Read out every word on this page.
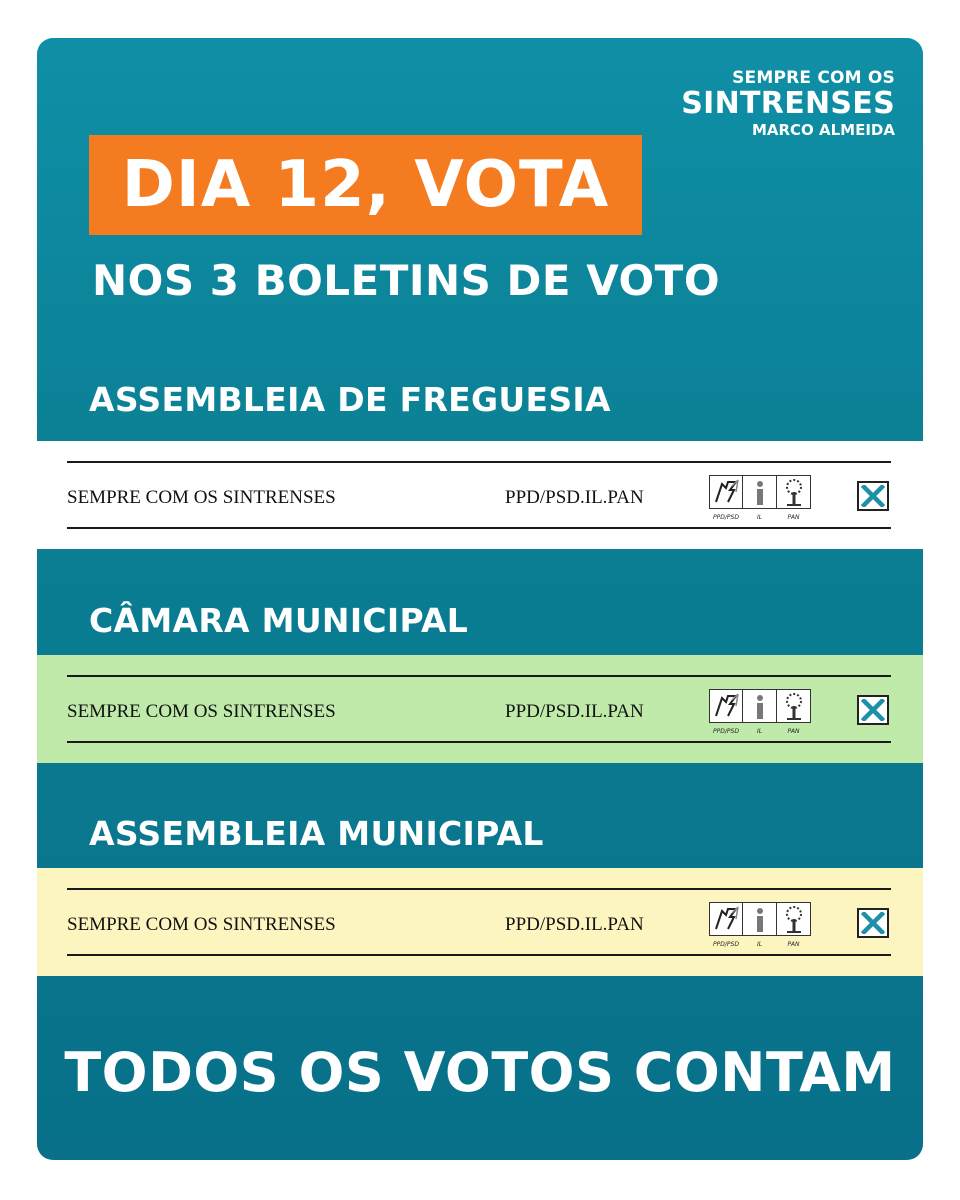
SEMPRE COM OS
SINTRENSES
MARCO ALMEIDA
DIA 12, VOTA
NOS 3 BOLETINS DE VOTO
ASSEMBLEIA DE FREGUESIA
SEMPRE COM OS SINTRENSES	PPD/PSD.IL.PAN
PPD/PSD	IL	PAN
CÂMARA MUNICIPAL
SEMPRE COM OS SINTRENSES	PPD/PSD.IL.PAN
PPD/PSD	IL	PAN
ASSEMBLEIA MUNICIPAL
SEMPRE COM OS SINTRENSES	PPD/PSD.IL.PAN
PPD/PSD	IL	PAN
TODOS OS VOTOS CONTAM
